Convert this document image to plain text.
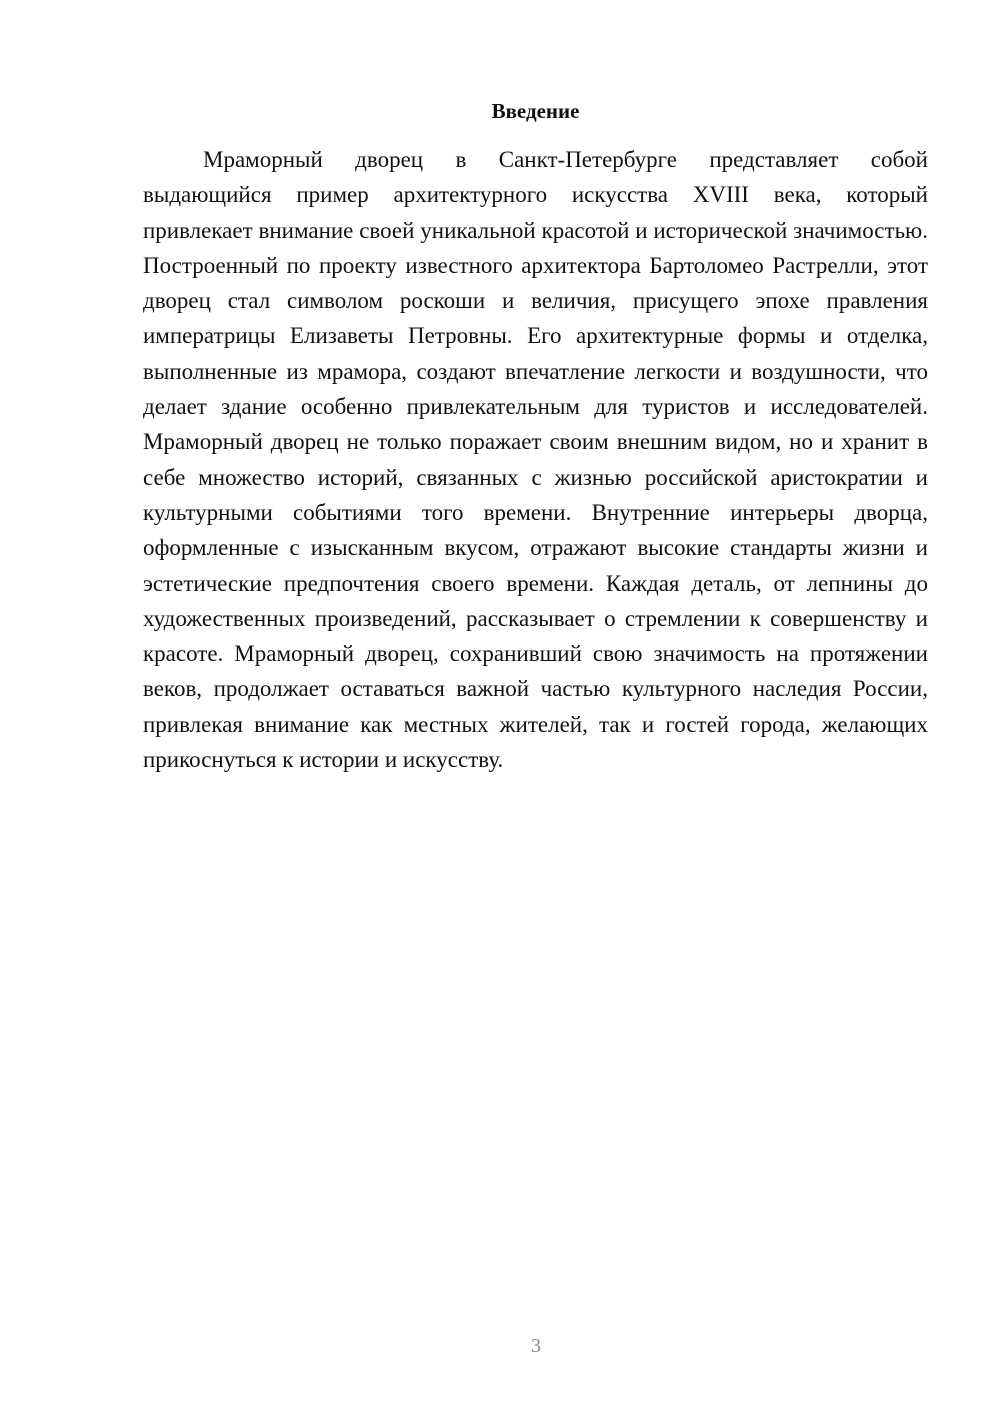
Введение

Мраморный дворец в Санкт-Петербурге представляет собой выдающийся пример архитектурного искусства XVIII века, который привлекает внимание своей уникальной красотой и исторической значимостью. Построенный по проекту известного архитектора Бартоломео Растрелли, этот дворец стал символом роскоши и величия, присущего эпохе правления императрицы Елизаветы Петровны. Его архитектурные формы и отделка, выполненные из мрамора, создают впечатление легкости и воздушности, что делает здание особенно привлекательным для туристов и исследователей. Мраморный дворец не только поражает своим внешним видом, но и хранит в себе множество историй, связанных с жизнью российской аристократии и культурными событиями того времени. Внутренние интерьеры дворца, оформленные с изысканным вкусом, отражают высокие стандарты жизни и эстетические предпочтения своего времени. Каждая деталь, от лепнины до художественных произведений, рассказывает о стремлении к совершенству и красоте. Мраморный дворец, сохранивший свою значимость на протяжении веков, продолжает оставаться важной частью культурного наследия России, привлекая внимание как местных жителей, так и гостей города, желающих прикоснуться к истории и искусству.

3
